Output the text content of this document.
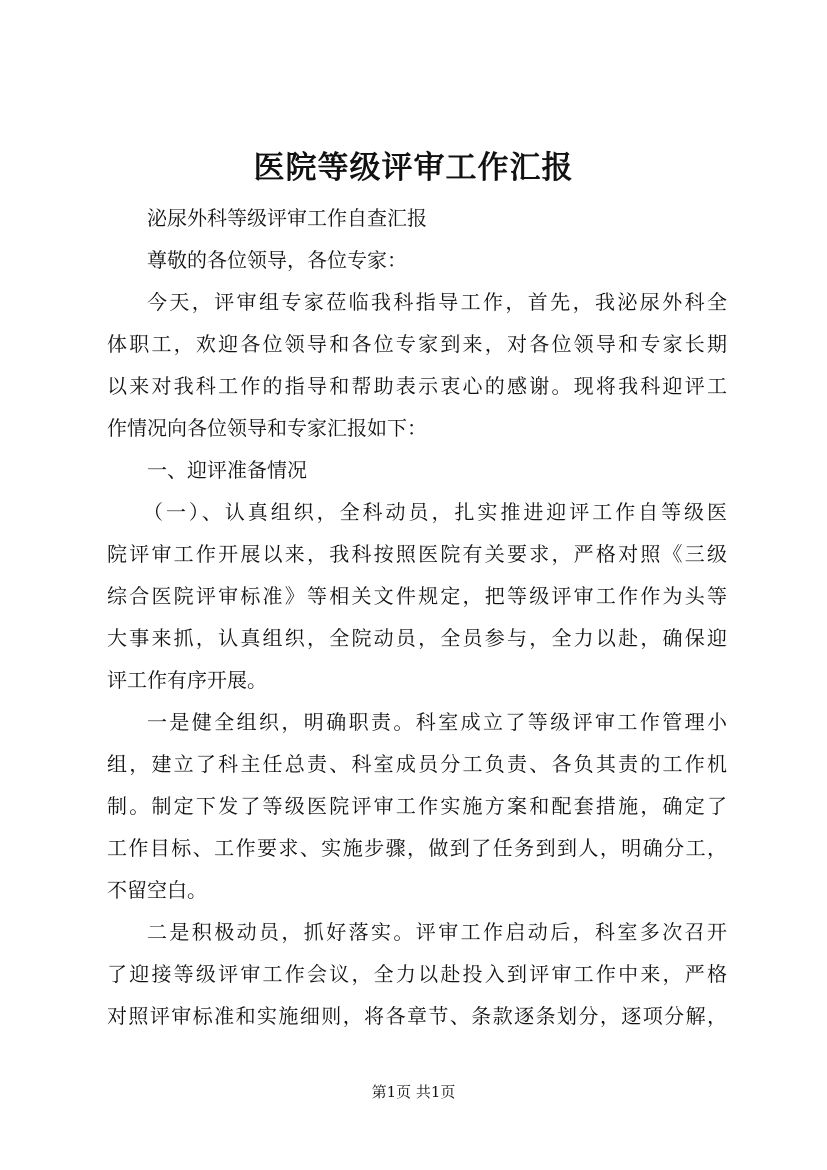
医院等级评审工作汇报
泌尿外科等级评审工作自查汇报
尊敬的各位领导，各位专家：
今天，评审组专家莅临我科指导工作，首先，我泌尿外科全
体职工，欢迎各位领导和各位专家到来，对各位领导和专家长期
以来对我科工作的指导和帮助表示衷心的感谢。现将我科迎评工
作情况向各位领导和专家汇报如下：
一、迎评准备情况
（一）、认真组织，全科动员，扎实推进迎评工作自等级医
院评审工作开展以来，我科按照医院有关要求，严格对照《三级
综合医院评审标准》等相关文件规定，把等级评审工作作为头等
大事来抓，认真组织，全院动员，全员参与，全力以赴，确保迎
评工作有序开展。
一是健全组织，明确职责。科室成立了等级评审工作管理小
组，建立了科主任总责、科室成员分工负责、各负其责的工作机
制。制定下发了等级医院评审工作实施方案和配套措施，确定了
工作目标、工作要求、实施步骤，做到了任务到到人，明确分工，
不留空白。
二是积极动员，抓好落实。评审工作启动后，科室多次召开
了迎接等级评审工作会议，全力以赴投入到评审工作中来，严格
对照评审标准和实施细则，将各章节、条款逐条划分，逐项分解，
第1页 共1页
